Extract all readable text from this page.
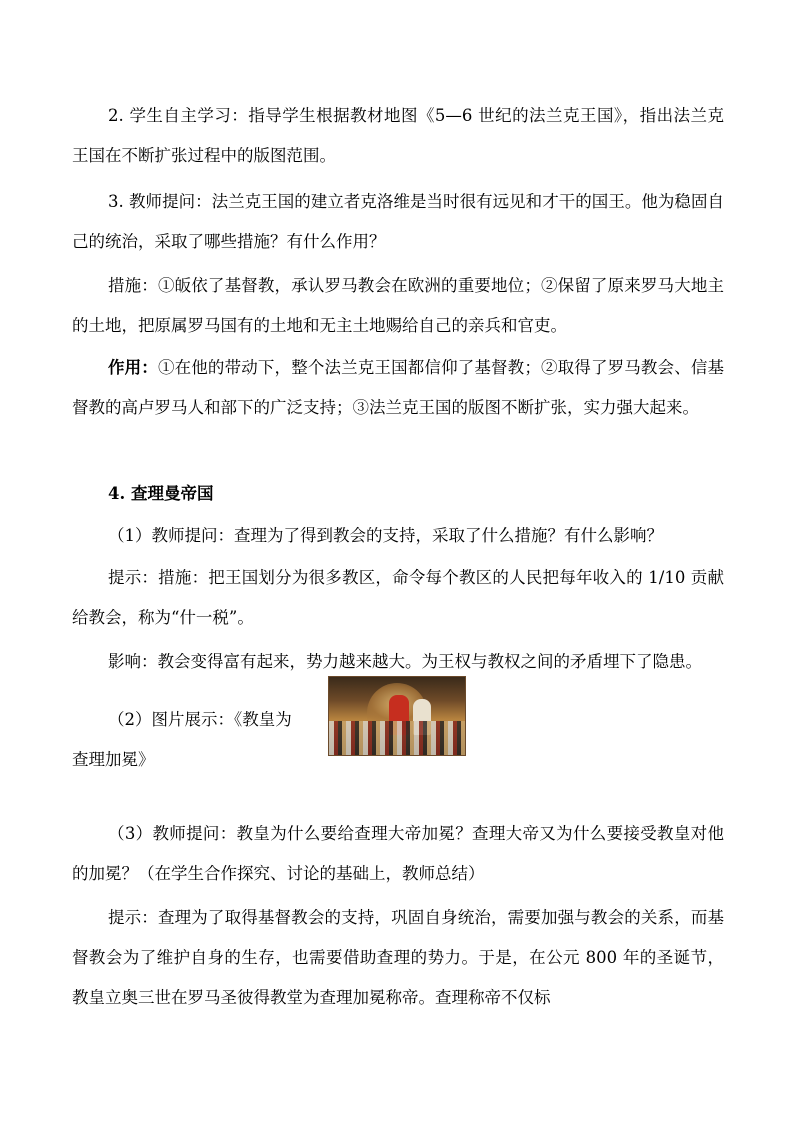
2. 学生自主学习：指导学生根据教材地图《5—6 世纪的法兰克王国》，指出法兰克王国在不断扩张过程中的版图范围。

3. 教师提问：法兰克王国的建立者克洛维是当时很有远见和才干的国王。他为稳固自己的统治，采取了哪些措施？有什么作用？

措施：①皈依了基督教，承认罗马教会在欧洲的重要地位；②保留了原来罗马大地主的土地，把原属罗马国有的土地和无主土地赐给自己的亲兵和官吏。

作用：①在他的带动下，整个法兰克王国都信仰了基督教；②取得了罗马教会、信基督教的高卢罗马人和部下的广泛支持；③法兰克王国的版图不断扩张，实力强大起来。

4. 查理曼帝国

（1）教师提问：查理为了得到教会的支持，采取了什么措施？有什么影响？

提示：措施：把王国划分为很多教区，命令每个教区的人民把每年收入的 1/10 贡献给教会，称为“什一税”。

影响：教会变得富有起来，势力越来越大。为王权与教权之间的矛盾埋下了隐患。

（2）图片展示：《教皇为
查理加冕》

（3）教师提问：教皇为什么要给查理大帝加冕？查理大帝又为什么要接受教皇对他的加冕？（在学生合作探究、讨论的基础上，教师总结）

提示：查理为了取得基督教会的支持，巩固自身统治，需要加强与教会的关系，而基督教会为了维护自身的生存，也需要借助查理的势力。于是，在公元 800 年的圣诞节，教皇立奥三世在罗马圣彼得教堂为查理加冕称帝。查理称帝不仅标
